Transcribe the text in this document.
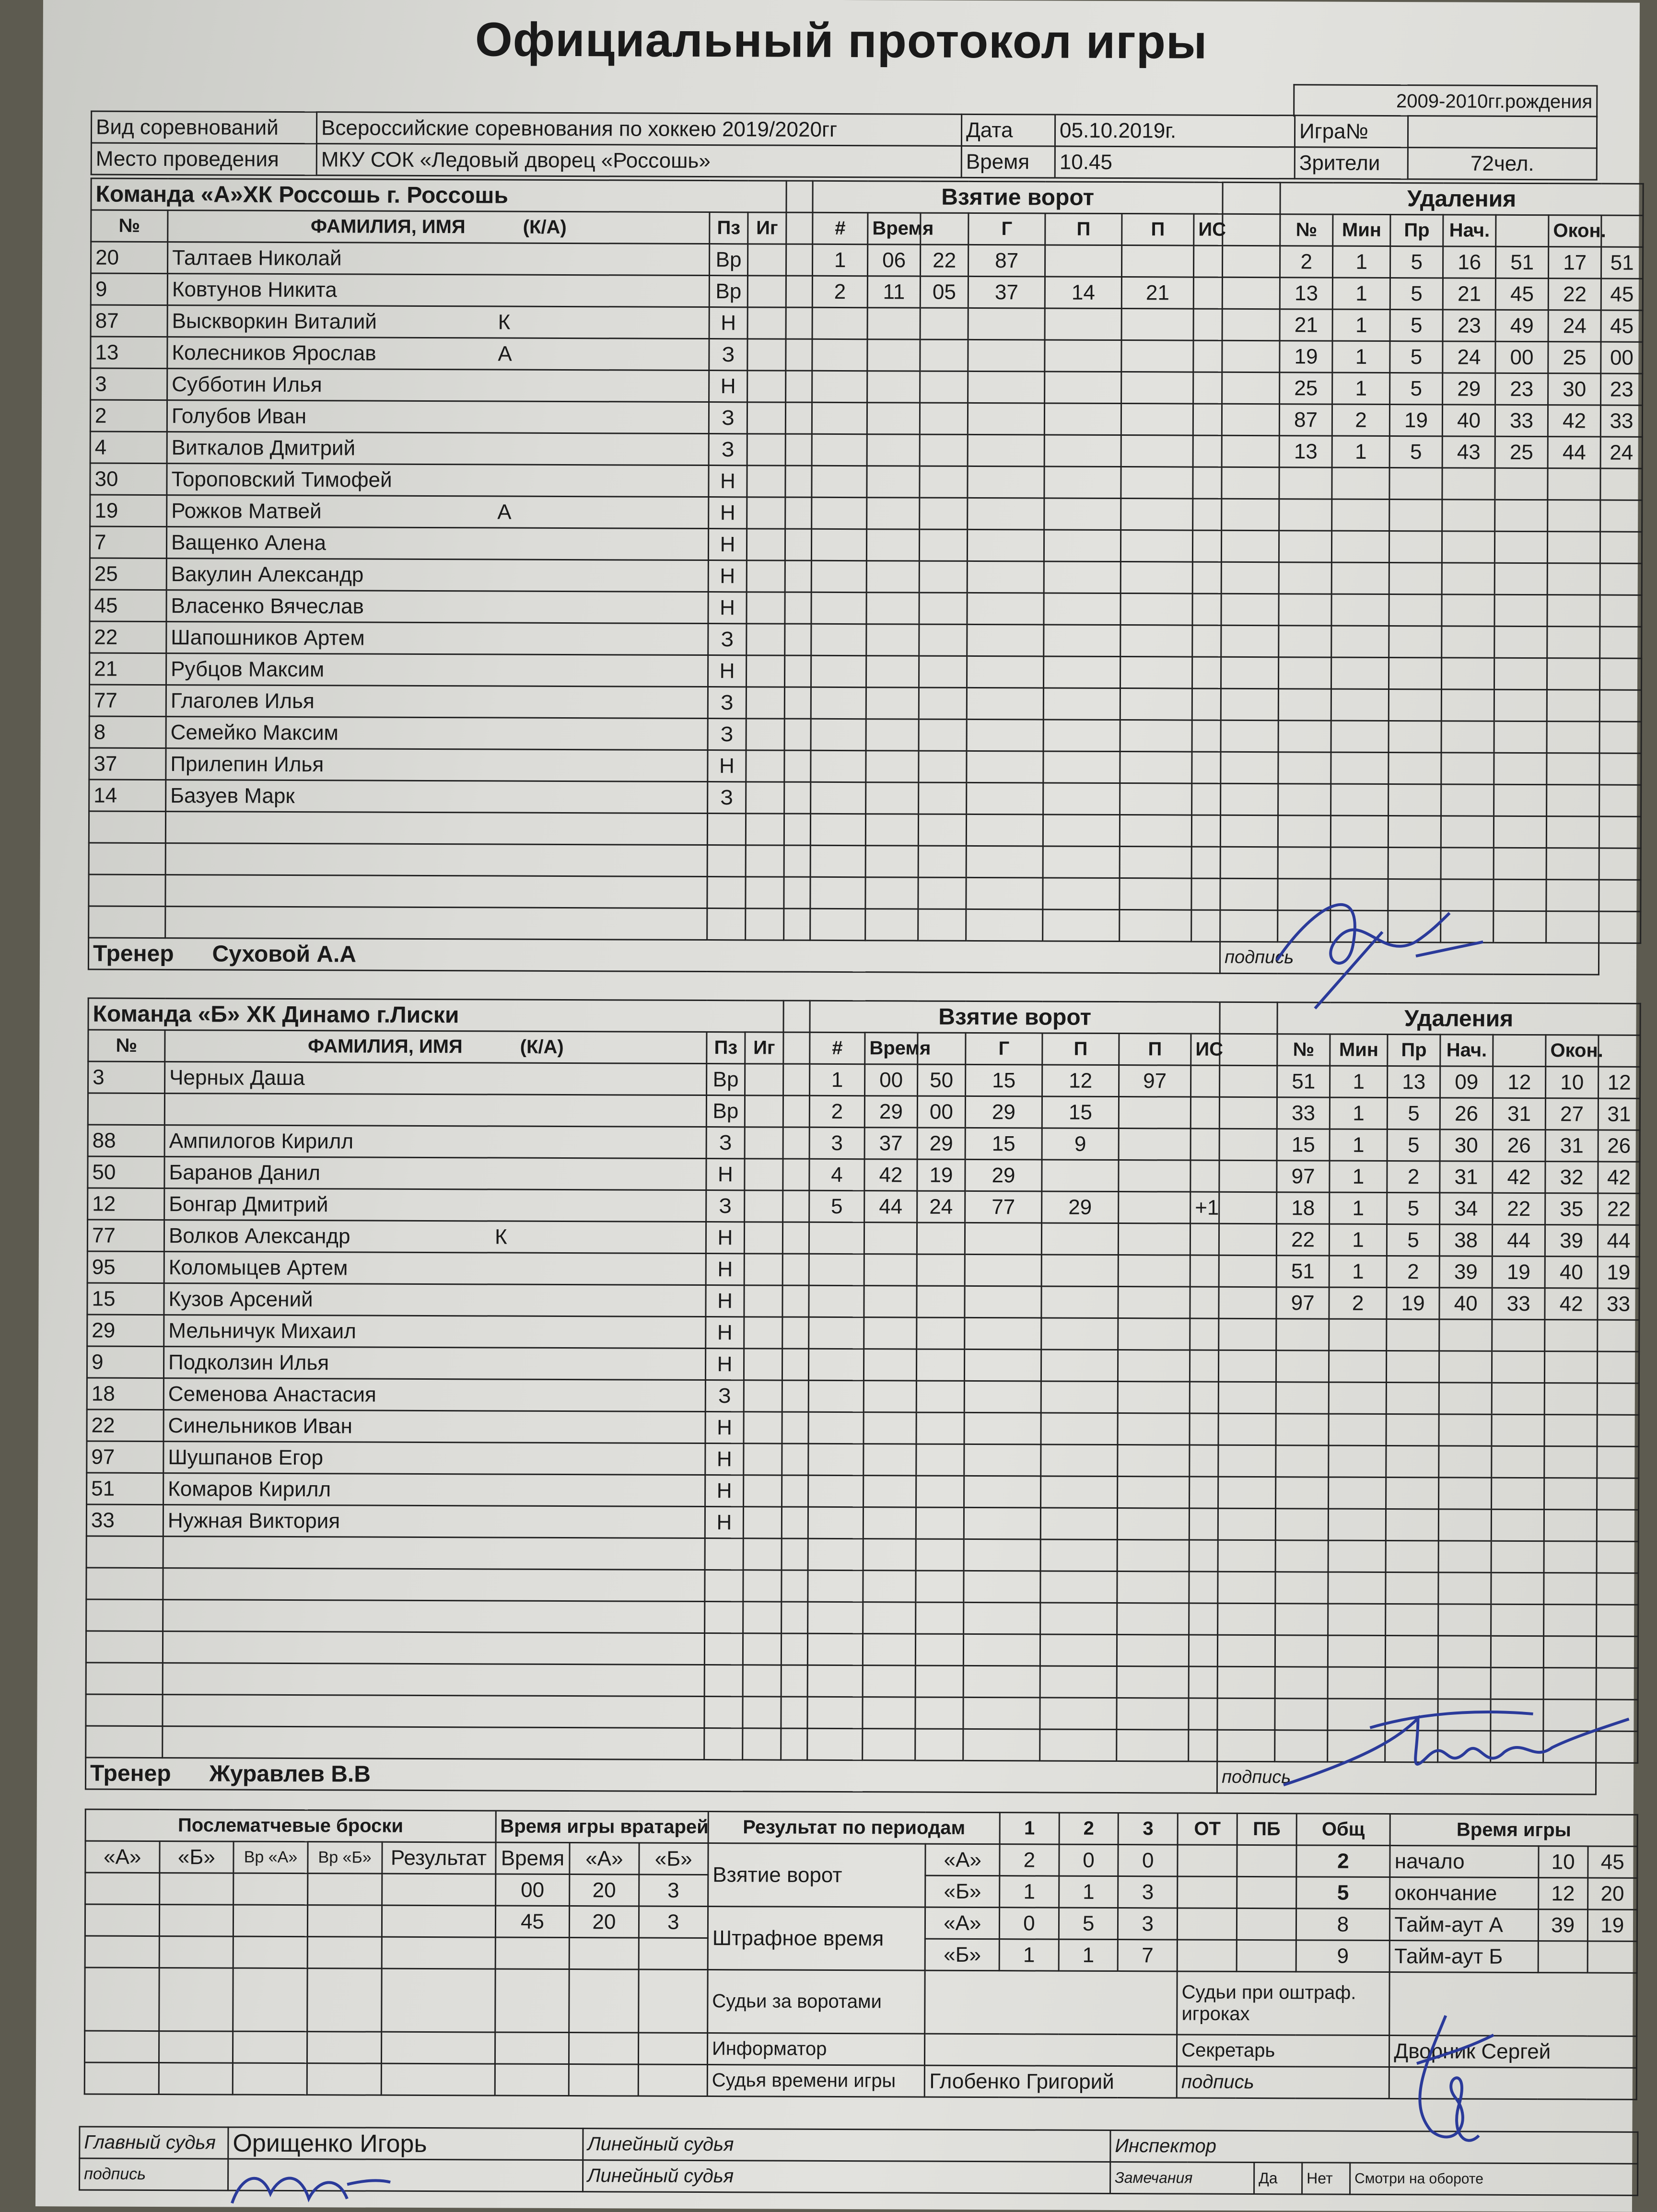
Официальный протокол игры
2009-2010гг.рождения
Вид соревнований	Всероссийские соревнования по хоккею 2019/2020гг	Дата	05.10.2019г.	Игра№	
Место проведения	МКУ СОК «Ледовый дворец «Россошь»	Время	10.45	Зрители	72чел.
Команда «А»ХК Россошь г. Россошь					Взятие ворот								Удаления						
№	ФАМИЛИЯ, ИМЯ (К/А)	Пз	Иг		#	Время		Г	П	П	ИС		№	Мин	Пр	Нач.		Окон.	
20	Талтаев Николай	Вр			1	06	22	87					2	1	5	16	51	17	51
9	Ковтунов Никита	Вр			2	11	05	37	14	21			13	1	5	21	45	22	45
87	Выскворкин Виталий К	Н											21	1	5	23	49	24	45
13	Колесников Ярослав А	З											19	1	5	24	00	25	00
3	Субботин Илья	Н											25	1	5	29	23	30	23
2	Голубов Иван	З											87	2	19	40	33	42	33
4	Виткалов Дмитрий	З											13	1	5	43	25	44	24
30	Тороповский Тимофей	Н																	
19	Рожков Матвей А	Н																	
7	Ващенко Алена	Н																	
25	Вакулин Александр	Н																	
45	Власенко Вячеслав	Н																	
22	Шапошников Артем	З																	
21	Рубцов Максим	Н																	
77	Глаголев Илья	З																	
8	Семейко Максим	З																	
37	Прилепин Илья	Н																	
14	Базуев Марк	З																	

Тренер Суховой А.А												подпись							
Команда «Б» ХК Динамо г.Лиски					Взятие ворот								Удаления						
№	ФАМИЛИЯ, ИМЯ (К/А)	Пз	Иг		#	Время		Г	П	П	ИС		№	Мин	Пр	Нач.		Окон.	
3	Черных Даша	Вр			1	00	50	15	12	97			51	1	13	09	12	10	12

	Вр			2	29	00	29	15				33	1	5	26	31	27	31
88	Ампилогов Кирилл	З			3	37	29	15	9				15	1	5	30	26	31	26
50	Баранов Данил	Н			4	42	19	29					97	1	2	31	42	32	42
12	Бонгар Дмитрий	З			5	44	24	77	29		+1		18	1	5	34	22	35	22
77	Волков Александр К	Н											22	1	5	38	44	39	44
95	Коломыцев Артем	Н											51	1	2	39	19	40	19
15	Кузов Арсений	Н											97	2	19	40	33	42	33
29	Мельничук Михаил	Н																	
9	Подколзин Илья	Н																	
18	Семенова Анастасия	З																	
22	Синельников Иван	Н																	
97	Шушпанов Егор	Н																	
51	Комаров Кирилл	Н																	
33	Нужная Виктория	Н																	

Тренер Журавлев В.В												подпись							
Послематчевые броски					Время игры вратарей			Результат по периодам		1	2	3	ОТ	ПБ	Общ	Время игры		
«А»	«Б»	Вр «А»	Вр «Б»	Результат	Время	«А»	«Б»	Взятие ворот	«А»	2	0	0			2	начало	10	45
					00	20	3		«Б»	1	1	3			5	окончание	12	20
					45	20	3	Штрафное время	«А»	0	5	3			8	Тайм-аут А	39	19
									«Б»	1	1	7			9	Тайм-аут Б		
								Судьи за воротами					Судьи при оштраф. игроках					
								Информатор					Секретарь			Дворник Сергей		
								Судья времени игры	Глобенко Григорий				подпись					
Главный судья	Орищенко Игорь	Линейный судья	Инспектор			
подпись		Линейный судья	Замечания	Да	Нет	Смотри на обороте
